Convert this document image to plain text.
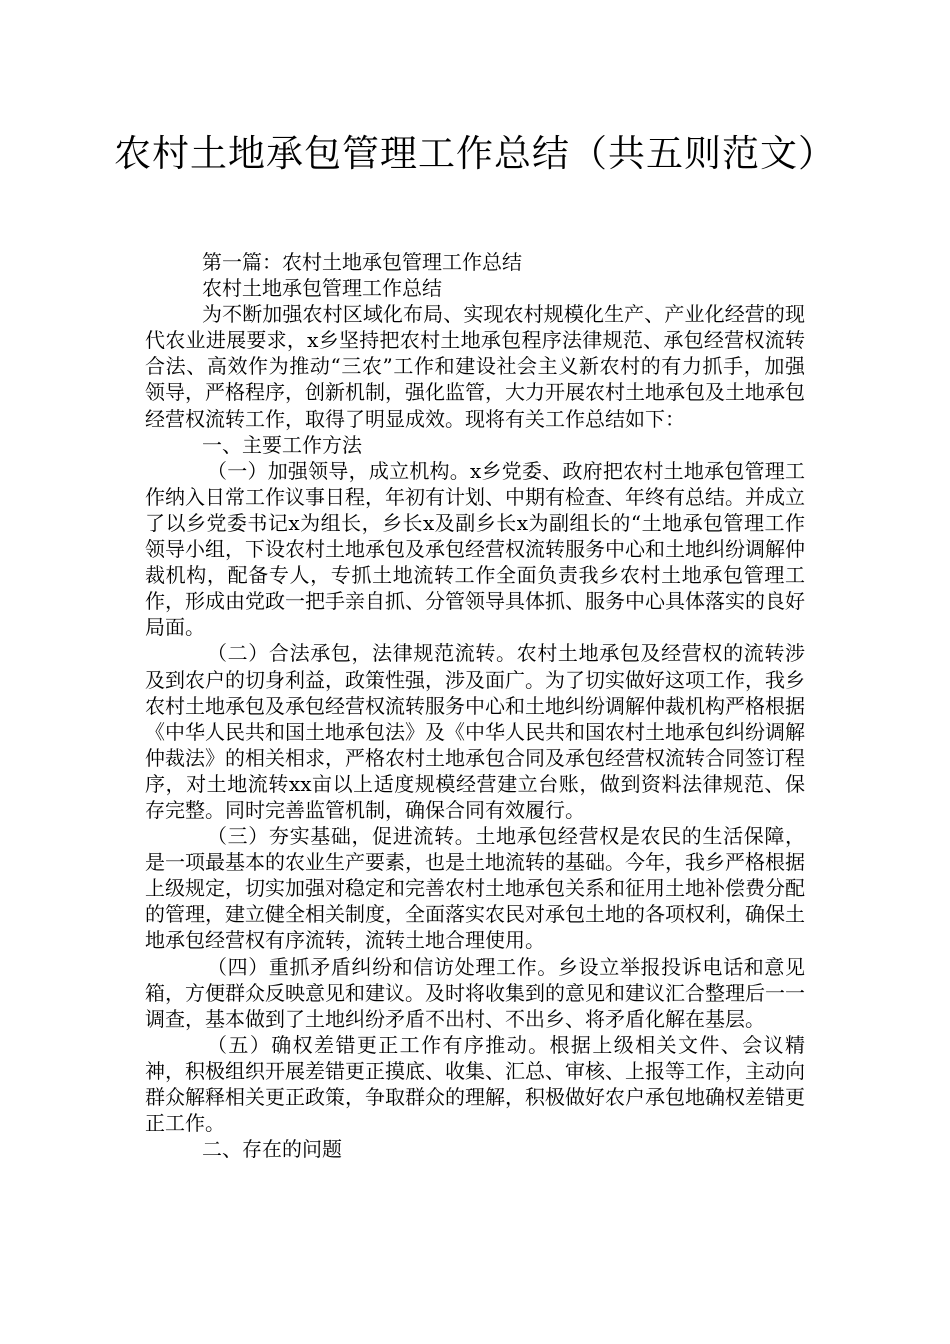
农村土地承包管理工作总结（共五则范文）

第一篇：农村土地承包管理工作总结

农村土地承包管理工作总结

为不断加强农村区域化布局、实现农村规模化生产、产业化经营的现代农业进展要求，x乡坚持把农村土地承包程序法律规范、承包经营权流转合法、高效作为推动“三农”工作和建设社会主义新农村的有力抓手，加强领导，严格程序，创新机制，强化监管，大力开展农村土地承包及土地承包经营权流转工作，取得了明显成效。现将有关工作总结如下：

一、主要工作方法

（一）加强领导，成立机构。x乡党委、政府把农村土地承包管理工作纳入日常工作议事日程，年初有计划、中期有检查、年终有总结。并成立了以乡党委书记x为组长，乡长x及副乡长x为副组长的“土地承包管理工作领导小组，下设农村土地承包及承包经营权流转服务中心和土地纠纷调解仲裁机构，配备专人，专抓土地流转工作全面负责我乡农村土地承包管理工作，形成由党政一把手亲自抓、分管领导具体抓、服务中心具体落实的良好局面。

（二）合法承包，法律规范流转。农村土地承包及经营权的流转涉及到农户的切身利益，政策性强，涉及面广。为了切实做好这项工作，我乡农村土地承包及承包经营权流转服务中心和土地纠纷调解仲裁机构严格根据《中华人民共和国土地承包法》及《中华人民共和国农村土地承包纠纷调解仲裁法》的相关相求，严格农村土地承包合同及承包经营权流转合同签订程序，对土地流转xx亩以上适度规模经营建立台账，做到资料法律规范、保存完整。同时完善监管机制，确保合同有效履行。

（三）夯实基础，促进流转。土地承包经营权是农民的生活保障，是一项最基本的农业生产要素，也是土地流转的基础。今年，我乡严格根据上级规定，切实加强对稳定和完善农村土地承包关系和征用土地补偿费分配的管理，建立健全相关制度，全面落实农民对承包土地的各项权利，确保土地承包经营权有序流转，流转土地合理使用。

（四）重抓矛盾纠纷和信访处理工作。乡设立举报投诉电话和意见箱，方便群众反映意见和建议。及时将收集到的意见和建议汇合整理后一一调查，基本做到了土地纠纷矛盾不出村、不出乡、将矛盾化解在基层。

（五）确权差错更正工作有序推动。根据上级相关文件、会议精神，积极组织开展差错更正摸底、收集、汇总、审核、上报等工作，主动向群众解释相关更正政策，争取群众的理解，积极做好农户承包地确权差错更正工作。

二、存在的问题
